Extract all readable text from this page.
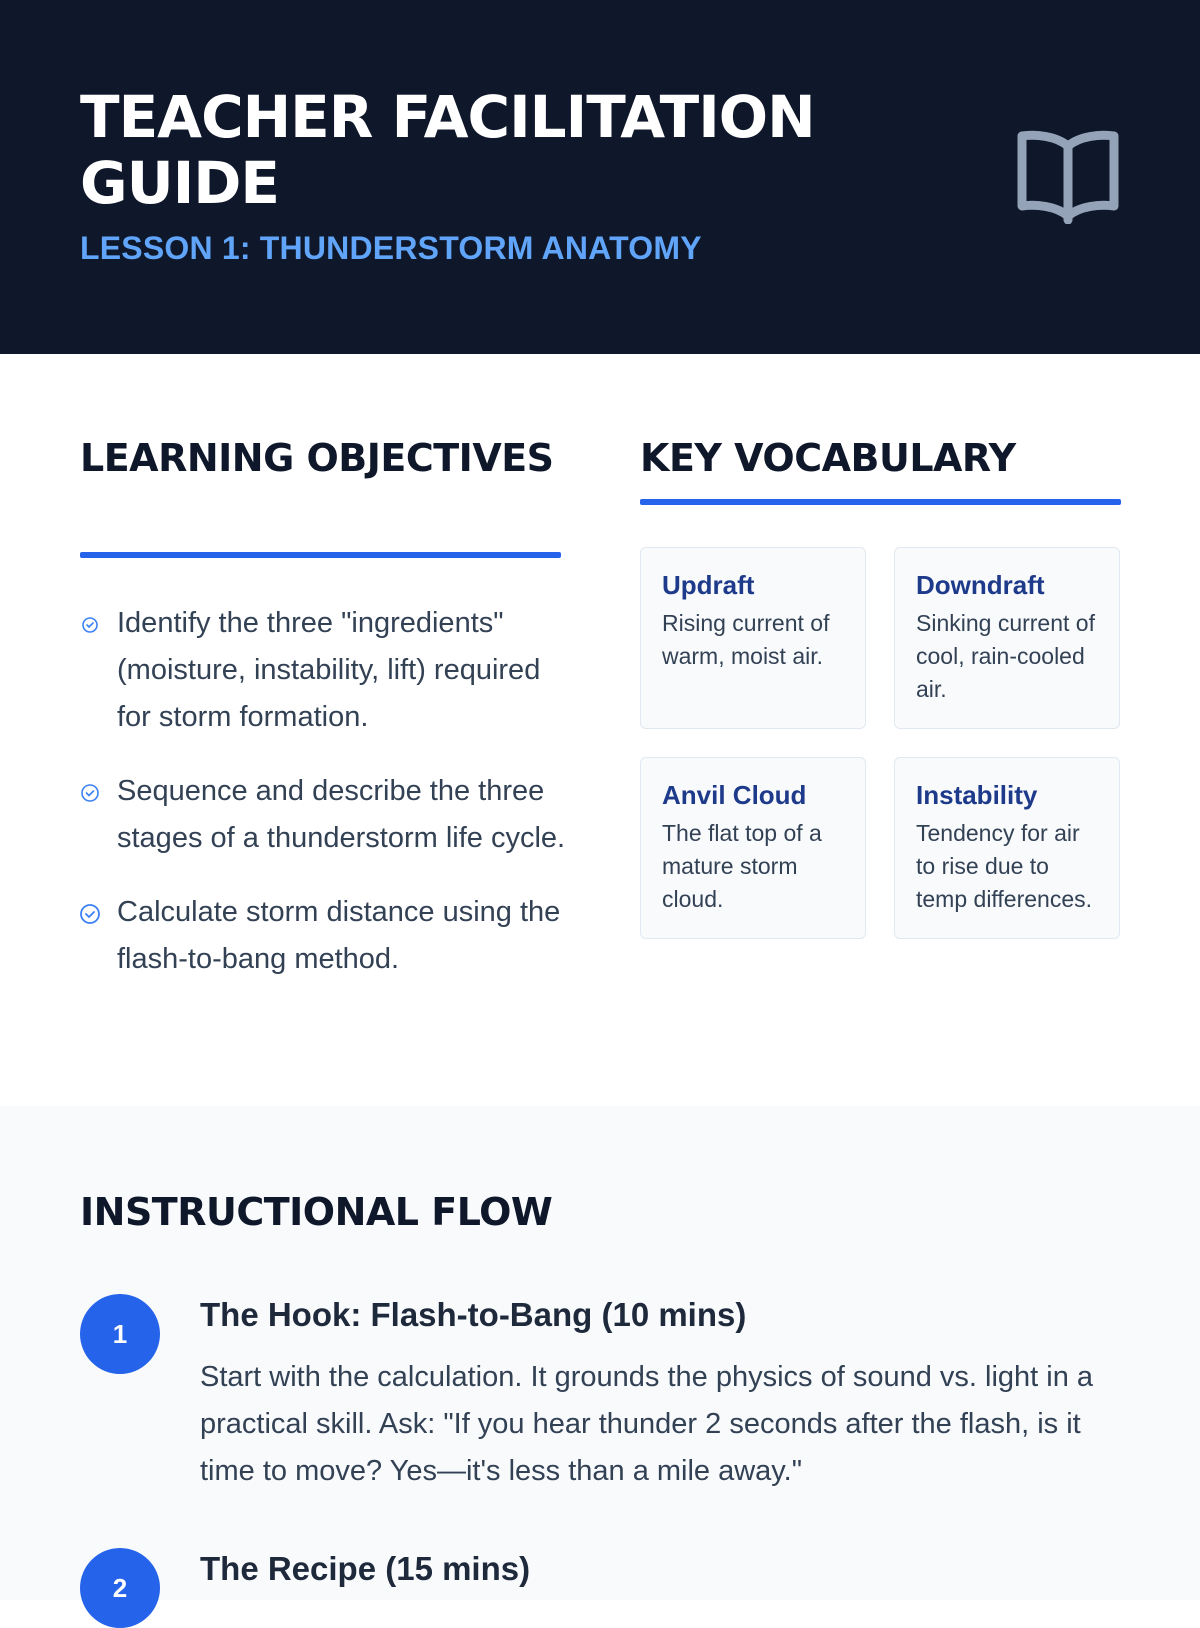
TEACHER FACILITATION GUIDE
LESSON 1: THUNDERSTORM ANATOMY
LEARNING OBJECTIVES
Identify the three "ingredients" (moisture, instability, lift) required for storm formation.
Sequence and describe the three stages of a thunderstorm life cycle.
Calculate storm distance using the flash-to-bang method.
KEY VOCABULARY
Updraft
Rising current of warm, moist air.
Downdraft
Sinking current of cool, rain-cooled air.
Anvil Cloud
The flat top of a mature storm cloud.
Instability
Tendency for air to rise due to temp differences.
INSTRUCTIONAL FLOW
1
The Hook: Flash-to-Bang (10 mins)
Start with the calculation. It grounds the physics of sound vs. light in a practical skill. Ask: "If you hear thunder 2 seconds after the flash, is it time to move? Yes—it's less than a mile away."
2
The Recipe (15 mins)
